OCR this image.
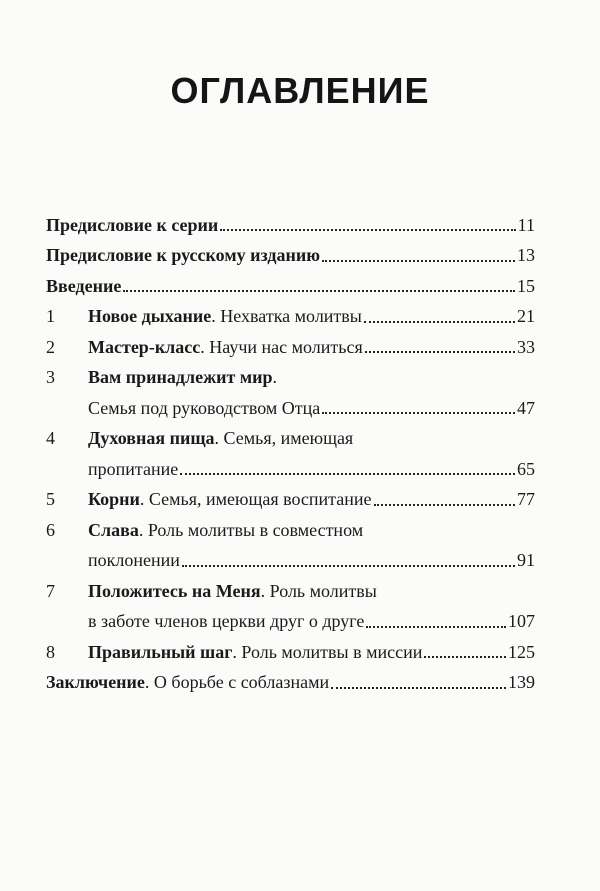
ОГЛАВЛЕНИЕ
Предисловие к серии	11
Предисловие к русскому изданию	13
Введение	15
1	Новое дыхание . Нехватка молитвы	21
2	Мастер-класс . Научи нас молиться	33
3	Вам принадлежит мир .
Семья под руководством Отца	47
4	Духовная пища . Семья, имеющая
пропитание	65
5	Корни . Семья, имеющая воспитание	77
6	Слава . Роль молитвы в совместном
поклонении	91
7	Положитесь на Меня . Роль молитвы
в заботе членов церкви друг о друге	107
8	Правильный шаг . Роль молитвы в миссии	125
Заключение . О борьбе с соблазнами	139
